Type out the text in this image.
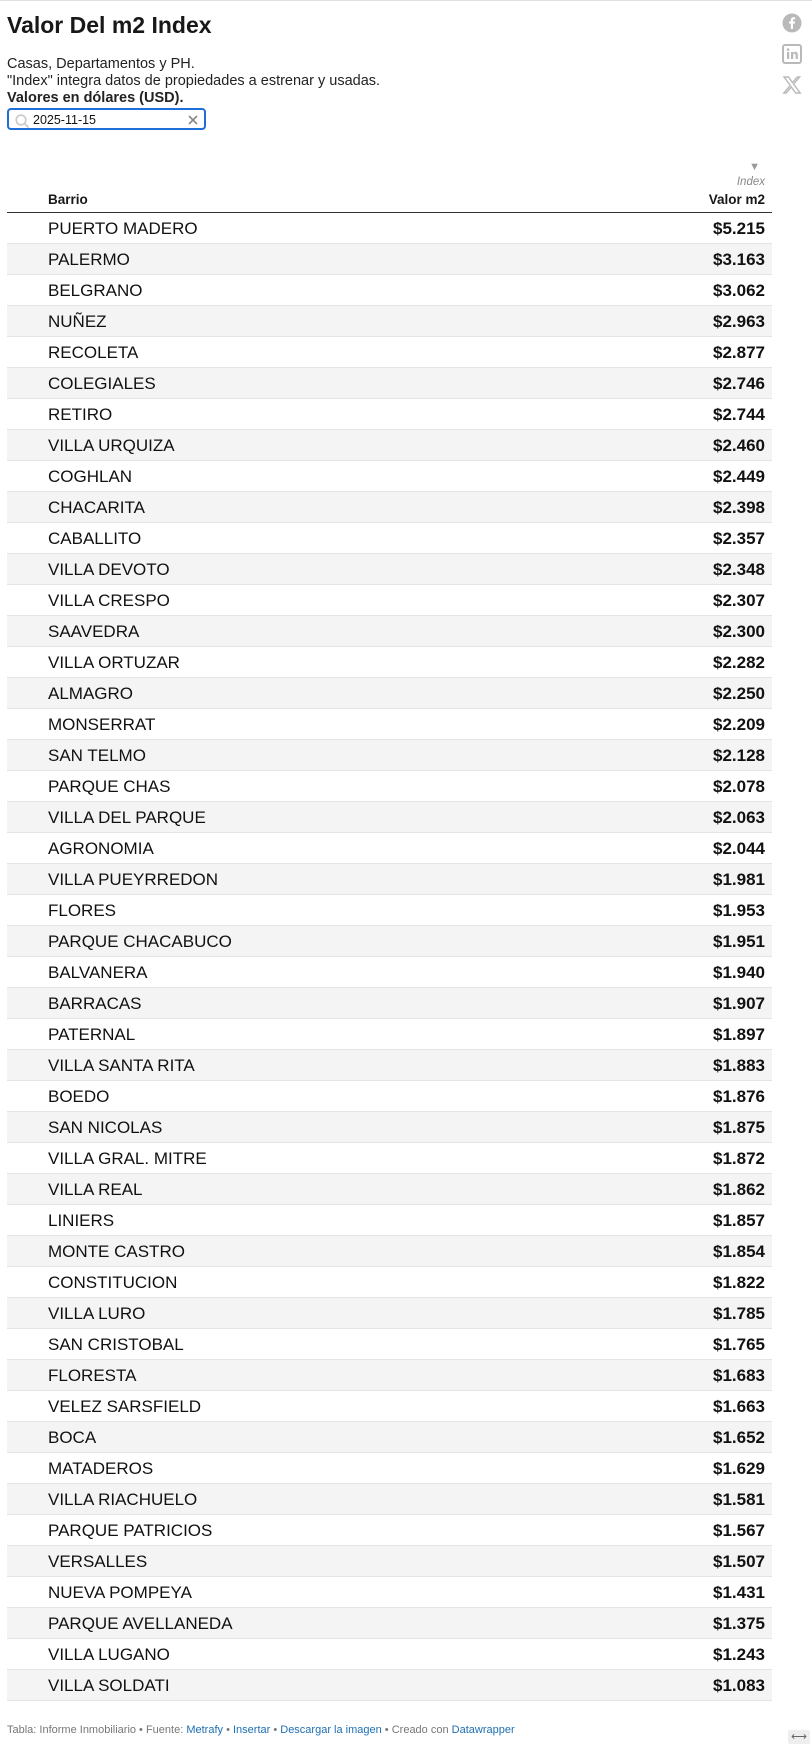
Valor Del m2 Index
Casas, Departamentos y PH.
"Index" integra datos de propiedades a estrenar y usadas.
Valores en dólares (USD).
2025-11-15
Barrio
▼
Index
Valor m2
PUERTO MADERO	$5.215
PALERMO	$3.163
BELGRANO	$3.062
NUÑEZ	$2.963
RECOLETA	$2.877
COLEGIALES	$2.746
RETIRO	$2.744
VILLA URQUIZA	$2.460
COGHLAN	$2.449
CHACARITA	$2.398
CABALLITO	$2.357
VILLA DEVOTO	$2.348
VILLA CRESPO	$2.307
SAAVEDRA	$2.300
VILLA ORTUZAR	$2.282
ALMAGRO	$2.250
MONSERRAT	$2.209
SAN TELMO	$2.128
PARQUE CHAS	$2.078
VILLA DEL PARQUE	$2.063
AGRONOMIA	$2.044
VILLA PUEYRREDON	$1.981
FLORES	$1.953
PARQUE CHACABUCO	$1.951
BALVANERA	$1.940
BARRACAS	$1.907
PATERNAL	$1.897
VILLA SANTA RITA	$1.883
BOEDO	$1.876
SAN NICOLAS	$1.875
VILLA GRAL. MITRE	$1.872
VILLA REAL	$1.862
LINIERS	$1.857
MONTE CASTRO	$1.854
CONSTITUCION	$1.822
VILLA LURO	$1.785
SAN CRISTOBAL	$1.765
FLORESTA	$1.683
VELEZ SARSFIELD	$1.663
BOCA	$1.652
MATADEROS	$1.629
VILLA RIACHUELO	$1.581
PARQUE PATRICIOS	$1.567
VERSALLES	$1.507
NUEVA POMPEYA	$1.431
PARQUE AVELLANEDA	$1.375
VILLA LUGANO	$1.243
VILLA SOLDATI	$1.083
Tabla: Informe Inmobiliario • Fuente: Metrafy • Insertar • Descargar la imagen • Creado con Datawrapper
⟷
